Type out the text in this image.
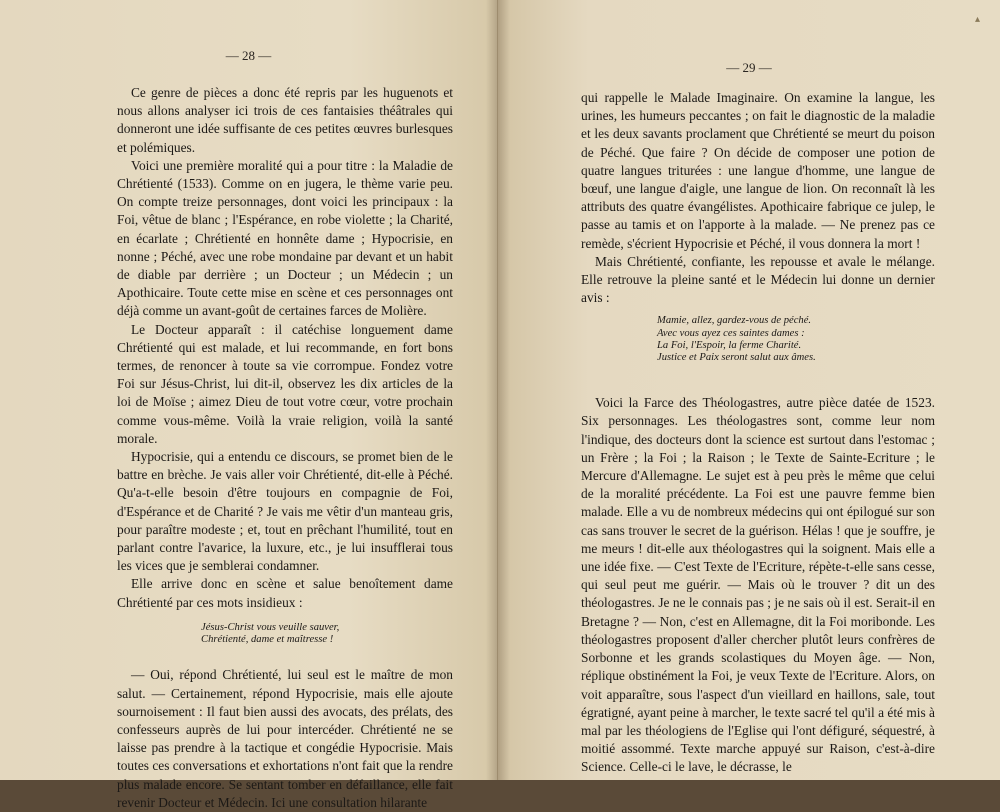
— 28 —

Ce genre de pièces a donc été repris par les huguenots et nous allons analyser ici trois de ces fantaisies théâtrales qui donneront une idée suffisante de ces petites œuvres burlesques et polémiques.

Voici une première moralité qui a pour titre : la Maladie de Chrétienté (1533). Comme on en jugera, le thème varie peu. On compte treize personnages, dont voici les principaux : la Foi, vêtue de blanc ; l'Espérance, en robe violette ; la Charité, en écarlate ; Chrétienté en honnête dame ; Hypocrisie, en nonne ; Péché, avec une robe mondaine par devant et un habit de diable par derrière ; un Docteur ; un Médecin ; un Apothicaire. Toute cette mise en scène et ces personnages ont déjà comme un avant-goût de certaines farces de Molière.

Le Docteur apparaît : il catéchise longuement dame Chrétienté qui est malade, et lui recommande, en fort bons termes, de renoncer à toute sa vie corrompue. Fondez votre Foi sur Jésus-Christ, lui dit-il, observez les dix articles de la loi de Moïse ; aimez Dieu de tout votre cœur, votre prochain comme vous-même. Voilà la vraie religion, voilà la santé morale.

Hypocrisie, qui a entendu ce discours, se promet bien de le battre en brèche. Je vais aller voir Chrétienté, dit-elle à Péché. Qu'a-t-elle besoin d'être toujours en compagnie de Foi, d'Espérance et de Charité ? Je vais me vêtir d'un manteau gris, pour paraître modeste ; et, tout en prêchant l'humilité, tout en parlant contre l'avarice, la luxure, etc., je lui insufflerai tous les vices que je semblerai condamner.

Elle arrive donc en scène et salue benoîtement dame Chrétienté par ces mots insidieux :

Jésus-Christ vous veuille sauver,
Chrétienté, dame et maîtresse !

— Oui, répond Chrétienté, lui seul est le maître de mon salut. — Certainement, répond Hypocrisie, mais elle ajoute sournoisement : Il faut bien aussi des avocats, des prélats, des confesseurs auprès de lui pour intercéder. Chrétienté ne se laisse pas prendre à la tactique et congédie Hypocrisie. Mais toutes ces conversations et exhortations n'ont fait que la rendre plus malade encore. Se sentant tomber en défaillance, elle fait revenir Docteur et Médecin. Ici une consultation hilarante

▴
— 29 —

qui rappelle le Malade Imaginaire. On examine la langue, les urines, les humeurs peccantes ; on fait le diagnostic de la maladie et les deux savants proclament que Chrétienté se meurt du poison de Péché. Que faire ? On décide de composer une potion de quatre langues triturées : une langue d'homme, une langue de bœuf, une langue d'aigle, une langue de lion. On reconnaît là les attributs des quatre évangélistes. Apothicaire fabrique ce julep, le passe au tamis et on l'apporte à la malade. — Ne prenez pas ce remède, s'écrient Hypocrisie et Péché, il vous donnera la mort !

Mais Chrétienté, confiante, les repousse et avale le mélange. Elle retrouve la pleine santé et le Médecin lui donne un dernier avis :

Mamie, allez, gardez-vous de péché.
Avec vous ayez ces saintes dames :
La Foi, l'Espoir, la ferme Charité.
Justice et Paix seront salut aux âmes.

Voici la Farce des Théologastres, autre pièce datée de 1523. Six personnages. Les théologastres sont, comme leur nom l'indique, des docteurs dont la science est surtout dans l'estomac ; un Frère ; la Foi ; la Raison ; le Texte de Sainte-Ecriture ; le Mercure d'Allemagne. Le sujet est à peu près le même que celui de la moralité précédente. La Foi est une pauvre femme bien malade. Elle a vu de nombreux médecins qui ont épilogué sur son cas sans trouver le secret de la guérison. Hélas ! que je souffre, je me meurs ! dit-elle aux théologastres qui la soignent. Mais elle a une idée fixe. — C'est Texte de l'Ecriture, répète-t-elle sans cesse, qui seul peut me guérir. — Mais où le trouver ? dit un des théologastres. Je ne le connais pas ; je ne sais où il est. Serait-il en Bretagne ? — Non, c'est en Allemagne, dit la Foi moribonde. Les théologastres proposent d'aller chercher plutôt leurs confrères de Sorbonne et les grands scolastiques du Moyen âge. — Non, réplique obstinément la Foi, je veux Texte de l'Ecriture. Alors, on voit apparaître, sous l'aspect d'un vieillard en haillons, sale, tout égratigné, ayant peine à marcher, le texte sacré tel qu'il a été mis à mal par les théologiens de l'Eglise qui l'ont défiguré, séquestré, à moitié assommé. Texte marche appuyé sur Raison, c'est-à-dire Science. Celle-ci le lave, le décrasse, le
